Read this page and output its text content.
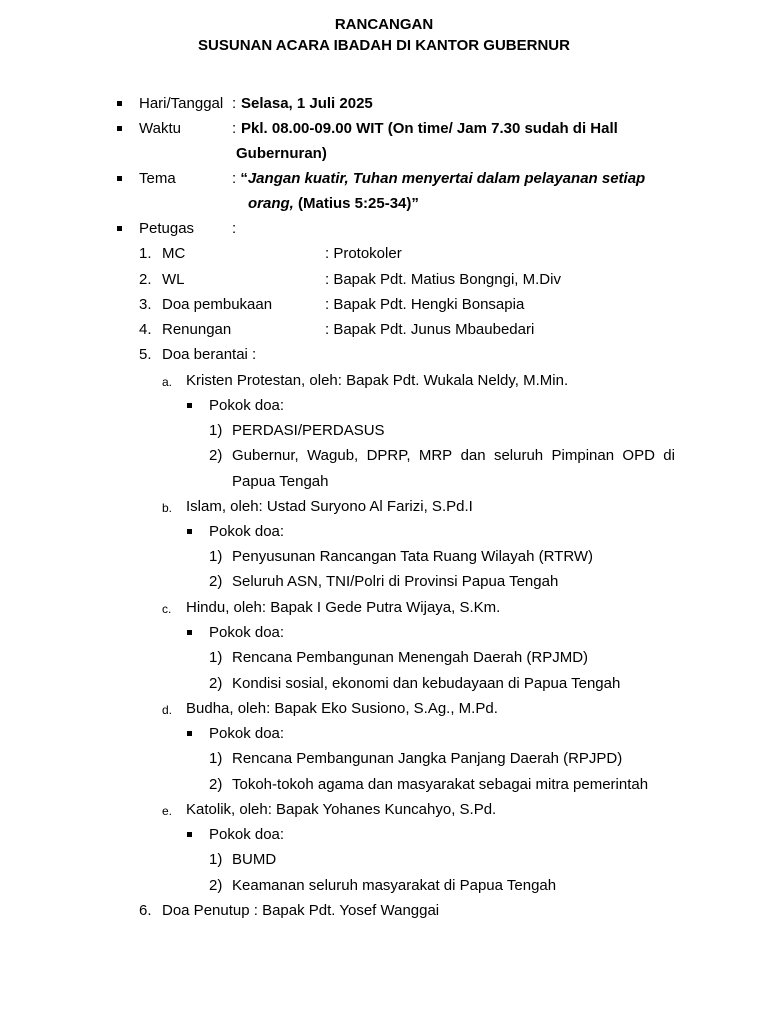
RANCANGAN
SUSUNAN ACARA IBADAH DI KANTOR GUBERNUR
Hari/Tanggal : Selasa, 1 Juli 2025
Waktu	: Pkl. 08.00-09.00 WIT (On time/ Jam 7.30 sudah di Hall
Gubernuran)
Tema	: “Jangan kuatir, Tuhan menyertai dalam pelayanan setiap
orang, (Matius 5:25-34)”
Petugas	:
1. MC	: Protokoler
2. WL	: Bapak Pdt. Matius Bongngi, M.Div
3. Doa pembukaan	: Bapak Pdt. Hengki Bonsapia
4. Renungan	: Bapak Pdt. Junus Mbaubedari
5. Doa berantai :
a. Kristen Protestan, oleh: Bapak Pdt. Wukala Neldy, M.Min.
Pokok doa:
1) PERDASI/PERDASUS
2) Gubernur, Wagub, DPRP, MRP dan seluruh Pimpinan OPD di
Papua Tengah
b. Islam, oleh: Ustad Suryono Al Farizi, S.Pd.I
Pokok doa:
1) Penyusunan Rancangan Tata Ruang Wilayah (RTRW)
2) Seluruh ASN, TNI/Polri di Provinsi Papua Tengah
c. Hindu, oleh: Bapak I Gede Putra Wijaya, S.Km.
Pokok doa:
1) Rencana Pembangunan Menengah Daerah (RPJMD)
2) Kondisi sosial, ekonomi dan kebudayaan di Papua Tengah
d. Budha, oleh: Bapak Eko Susiono, S.Ag., M.Pd.
Pokok doa:
1) Rencana Pembangunan Jangka Panjang Daerah (RPJPD)
2) Tokoh-tokoh agama dan masyarakat sebagai mitra pemerintah
e. Katolik, oleh: Bapak Yohanes Kuncahyo, S.Pd.
Pokok doa:
1) BUMD
2) Keamanan seluruh masyarakat di Papua Tengah
6. Doa Penutup : Bapak Pdt. Yosef Wanggai
